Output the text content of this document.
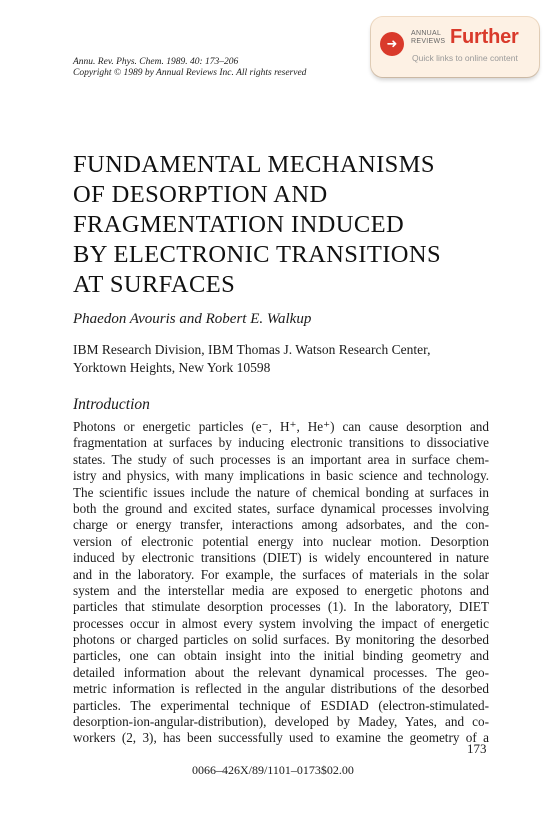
Annu. Rev. Phys. Chem. 1989. 40: 173–206
Copyright © 1989 by Annual Reviews Inc. All rights reserved
➜
ANNUAL
REVIEWS Further
Quick links to online content
FUNDAMENTAL MECHANISMS
OF DESORPTION AND
FRAGMENTATION INDUCED
BY ELECTRONIC TRANSITIONS
AT SURFACES
Phaedon Avouris and Robert E. Walkup
IBM Research Division, IBM Thomas J. Watson Research Center,
Yorktown Heights, New York 10598
Introduction
Photons or energetic particles (e⁻, H⁺, He⁺) can cause desorption and
fragmentation at surfaces by inducing electronic transitions to dissociative
states. The study of such processes is an important area in surface chem-
istry and physics, with many implications in basic science and technology.
The scientific issues include the nature of chemical bonding at surfaces in
both the ground and excited states, surface dynamical processes involving
charge or energy transfer, interactions among adsorbates, and the con-
version of electronic potential energy into nuclear motion. Desorption
induced by electronic transitions (DIET) is widely encountered in nature
and in the laboratory. For example, the surfaces of materials in the solar
system and the interstellar media are exposed to energetic photons and
particles that stimulate desorption processes (1). In the laboratory, DIET
processes occur in almost every system involving the impact of energetic
photons or charged particles on solid surfaces. By monitoring the desorbed
particles, one can obtain insight into the initial binding geometry and
detailed information about the relevant dynamical processes. The geo-
metric information is reflected in the angular distributions of the desorbed
particles. The experimental technique of ESDIAD (electron-stimulated-
desorption-ion-angular-distribution), developed by Madey, Yates, and co-
workers (2, 3), has been successfully used to examine the geometry of a
173
0066–426X/89/1101–0173$02.00
